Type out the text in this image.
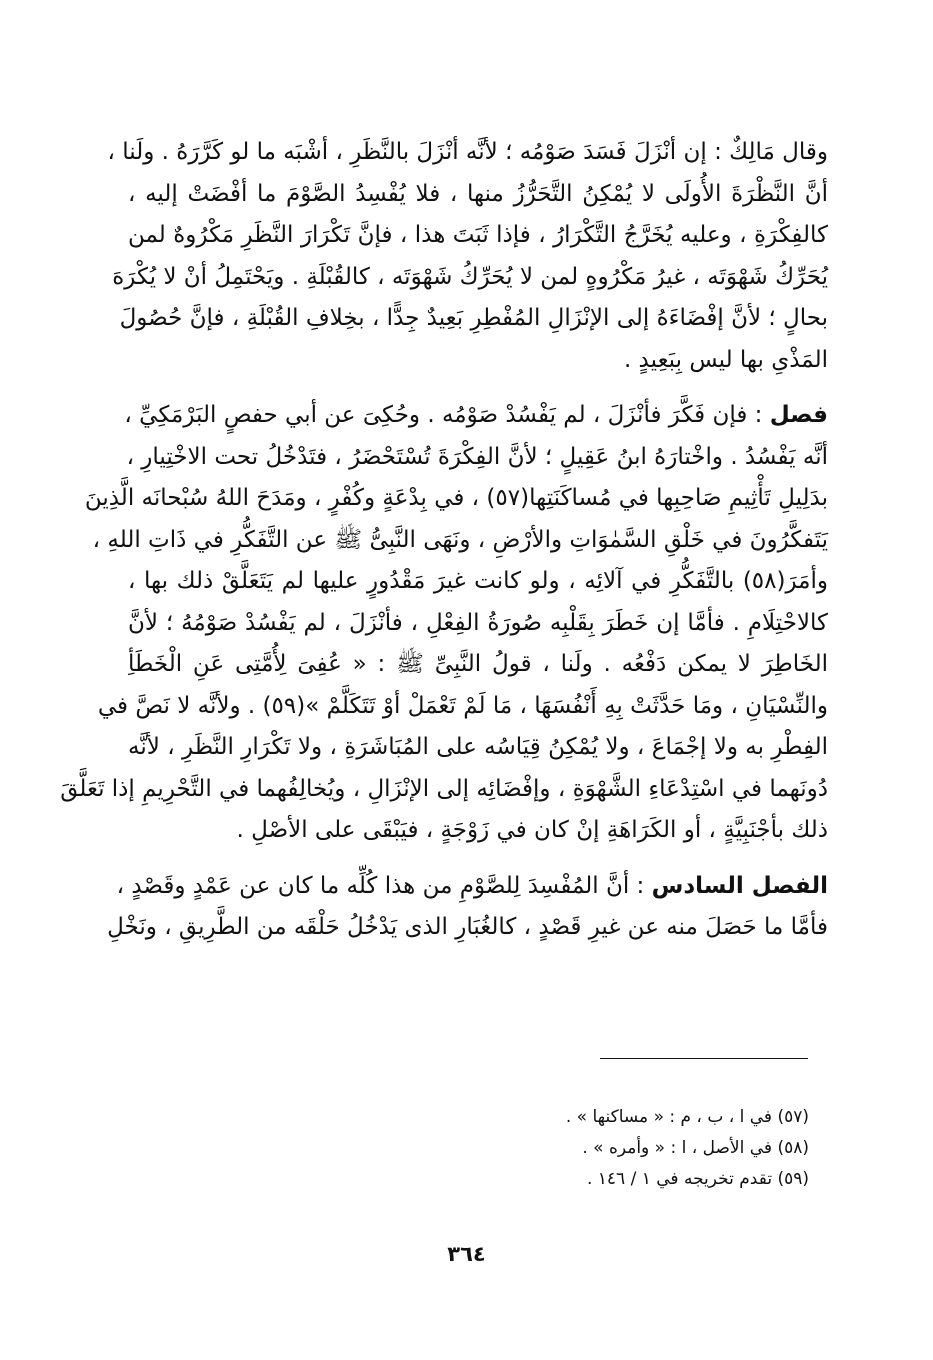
وقال مَالِكٌ : إن أنْزَلَ فَسَدَ صَوْمُه ؛ لأنَّه أنْزَلَ بالنَّظَرِ ، أشْبَه ما لو كَرَّرَهُ . ولَنا ،
أنَّ النَّظْرَةَ الأُولَى لا يُمْكِنُ التَّحَرُّزُ منها ، فلا يُفْسِدُ الصَّوْمَ ما أفْضَتْ إليه ،
كالفِكْرَةِ ، وعليه يُخَرَّجُ التَّكْرَارُ ، فإذا ثَبَتَ هذا ، فإنَّ تَكْرَارَ النَّظَرِ مَكْرُوهٌ لمن
يُحَرِّكُ شَهْوَتَه ، غيرُ مَكْرُوهٍ لمن لا يُحَرِّكُ شَهْوَتَه ، كالقُبْلَةِ . ويَحْتَمِلُ أنْ لا يُكْرَهَ
بحالٍ ؛ لأنَّ إفْضَاءَهُ إلى الإنْزَالِ المُفْطِرِ بَعِيدٌ جِدًّا ، بخِلافِ القُبْلَةِ ، فإنَّ حُصُولَ
المَذْىِ بها ليس بِبَعِيدٍ .
فصل : فإن فَكَّرَ فأنْزَلَ ، لم يَفْسُدْ صَوْمُه . وحُكِىَ عن أبي حفصٍ البَرْمَكِيِّ ،
أنَّه يَفْسُدُ . واخْتارَهُ ابنُ عَقِيلٍ ؛ لأنَّ الفِكْرَةَ تُسْتَحْضَرُ ، فتَدْخُلُ تحت الاخْتِيارِ ،
بدَلِيلِ تَأْثِيمِ صَاحِبِها في مُساكَنَتِها(٥٧) ، في بِدْعَةٍ وكُفْرٍ ، ومَدَحَ اللهُ سُبْحانَه الَّذِينَ
يَتَفكَّرُونَ في خَلْقِ السَّمٰوَاتِ والأرْضِ ، ونَهَى النَّبِىُّ ﷺ عن التَّفَكُّرِ في ذَاتِ اللهِ ،
وأمَرَ(٥٨) بالتَّفَكُّرِ في آلائِه ، ولو كانت غيرَ مَقْدُورٍ عليها لم يَتَعَلَّقْ ذلك بها ،
كالاحْتِلَامِ . فأمَّا إن خَطَرَ بِقَلْبِه صُورَةُ الفِعْلِ ، فأنْزَلَ ، لم يَفْسُدْ صَوْمُهُ ؛ لأنَّ
الخَاطِرَ لا يمكن دَفْعُه . ولَنا ، قولُ النَّبِىِّ ﷺ : « عُفِىَ لِأُمَّتِى عَنِ الْخَطَأِ
والنِّسْيَانِ ، ومَا حَدَّثَتْ بِهِ أَنْفُسَهَا ، مَا لَمْ تَعْمَلْ أوْ تَتَكَلَّمْ »(٥٩) . ولأنَّه لا نَصَّ في
الفِطْرِ به ولا إجْمَاعَ ، ولا يُمْكِنُ قِيَاسُه على المُبَاشَرَةِ ، ولا تَكْرَارِ النَّظَرِ ، لأنَّه
دُونَهما في اسْتِدْعَاءِ الشَّهْوَةِ ، وإفْضَائِه إلى الإنْزَالِ ، ويُخالِفُهما في التَّحْرِيمِ إذا تَعَلَّقَ
ذلك بأجْنَبِيَّةٍ ، أو الكَرَاهَةِ إنْ كان في زَوْجَةٍ ، فيَبْقَى على الأصْلِ .
الفصل السادس : أنَّ المُفْسِدَ لِلصَّوْمِ من هذا كُلِّه ما كان عن عَمْدٍ وقَصْدٍ ،
فأمَّا ما حَصَلَ منه عن غيرِ قَصْدٍ ، كالغُبَارِ الذى يَدْخُلُ حَلْقَه من الطَّرِيقِ ، ونَخْلِ
(٥٧) في ا ، ب ، م : « مساكنها » .
(٥٨) في الأصل ، ا : « وأمره » .
(٥٩) تقدم تخريجه في ١ / ١٤٦ .
٣٦٤
